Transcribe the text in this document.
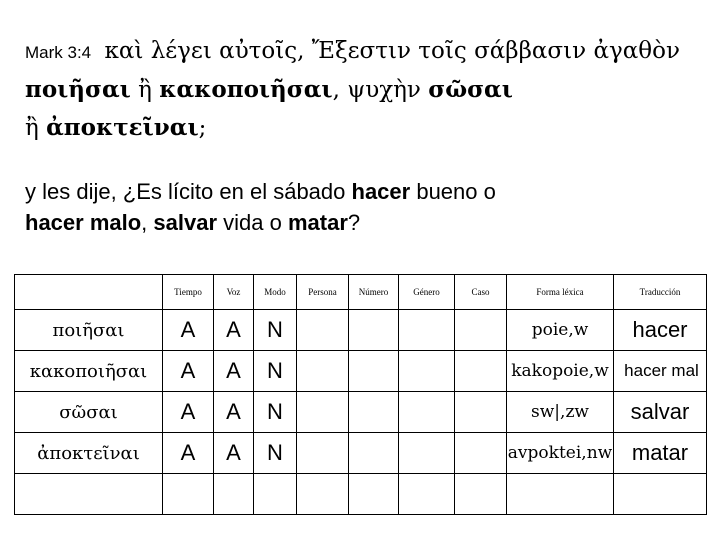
Mark 3:4 καὶ λέγει αὐτοῖς, Ἔξεστιν τοῖς σάββασιν ἀγαθὸν ποιῆσαι ἢ κακοποιῆσαι, ψυχὴν σῶσαι
ἢ ἀποκτεῖναι;
y les dije, ¿Es lícito en el sábado hacer bueno o
hacer malo, salvar vida o matar?
	Tiempo	Voz	Modo	Persona	Número	Género	Caso	Forma léxica	Traducción
ποιῆσαι	A	A	N					poie,w	hacer
κακοποιῆσαι	A	A	N					kakopoie,w	hacer mal
σῶσαι	A	A	N					sw|,zw	salvar
ἀποκτεῖναι	A	A	N					avpoktei,nw	matar
